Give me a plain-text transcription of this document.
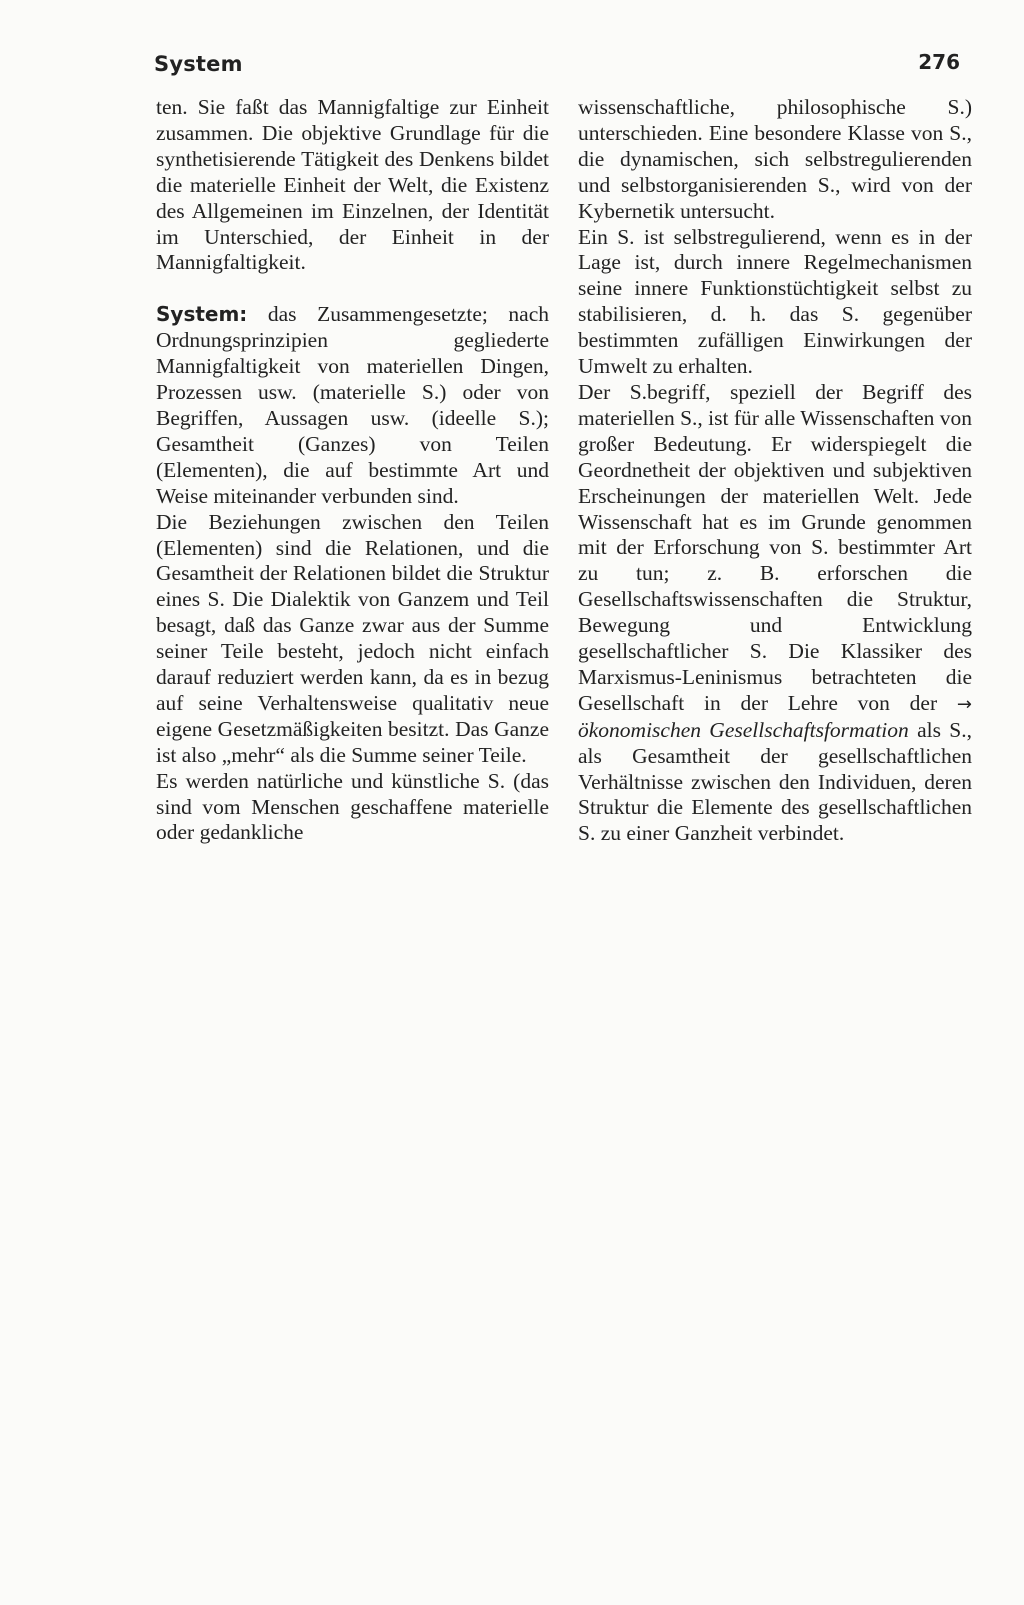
System	276

ten. Sie faßt das Mannigfaltige zur Einheit zusammen. Die objektive Grundlage für die synthetisierende Tätigkeit des Denkens bildet die materielle Einheit der Welt, die Existenz des Allgemeinen im Einzelnen, der Identität im Unterschied, der Einheit in der Mannigfaltigkeit.

System: das Zusammengesetzte; nach Ordnungsprinzipien gegliederte Mannigfaltigkeit von materiellen Dingen, Prozessen usw. (materielle S.) oder von Begriffen, Aussagen usw. (ideelle S.); Gesamtheit (Ganzes) von Teilen (Elementen), die auf bestimmte Art und Weise miteinander verbunden sind.

Die Beziehungen zwischen den Teilen (Elementen) sind die Relationen, und die Gesamtheit der Relationen bildet die Struktur eines S. Die Dialektik von Ganzem und Teil besagt, daß das Ganze zwar aus der Summe seiner Teile besteht, jedoch nicht einfach darauf reduziert werden kann, da es in bezug auf seine Verhaltensweise qualitativ neue eigene Gesetzmäßigkeiten besitzt. Das Ganze ist also „mehr“ als die Summe seiner Teile.

Es werden natürliche und künstliche S. (das sind vom Menschen geschaffene materielle oder gedankliche

wissenschaftliche, philosophische S.) unterschieden. Eine besondere Klasse von S., die dynamischen, sich selbstregulierenden und selbstorganisierenden S., wird von der Kybernetik untersucht.

Ein S. ist selbstregulierend, wenn es in der Lage ist, durch innere Regelmechanismen seine innere Funktionstüchtigkeit selbst zu stabilisieren, d. h. das S. gegenüber bestimmten zufälligen Einwirkungen der Umwelt zu erhalten.

Der S.begriff, speziell der Begriff des materiellen S., ist für alle Wissenschaften von großer Bedeutung. Er widerspiegelt die Geordnetheit der objektiven und subjektiven Erscheinungen der materiellen Welt. Jede Wissenschaft hat es im Grunde genommen mit der Erforschung von S. bestimmter Art zu tun; z. B. erforschen die Gesellschaftswissenschaften die Struktur, Bewegung und Entwicklung gesellschaftlicher S. Die Klassiker des Marxismus-Leninismus betrachteten die Gesellschaft in der Lehre von der → ökonomischen Gesellschaftsformation als S., als Gesamtheit der gesellschaftlichen Verhältnisse zwischen den Individuen, deren Struktur die Elemente des gesellschaftlichen S. zu einer Ganzheit verbindet.
